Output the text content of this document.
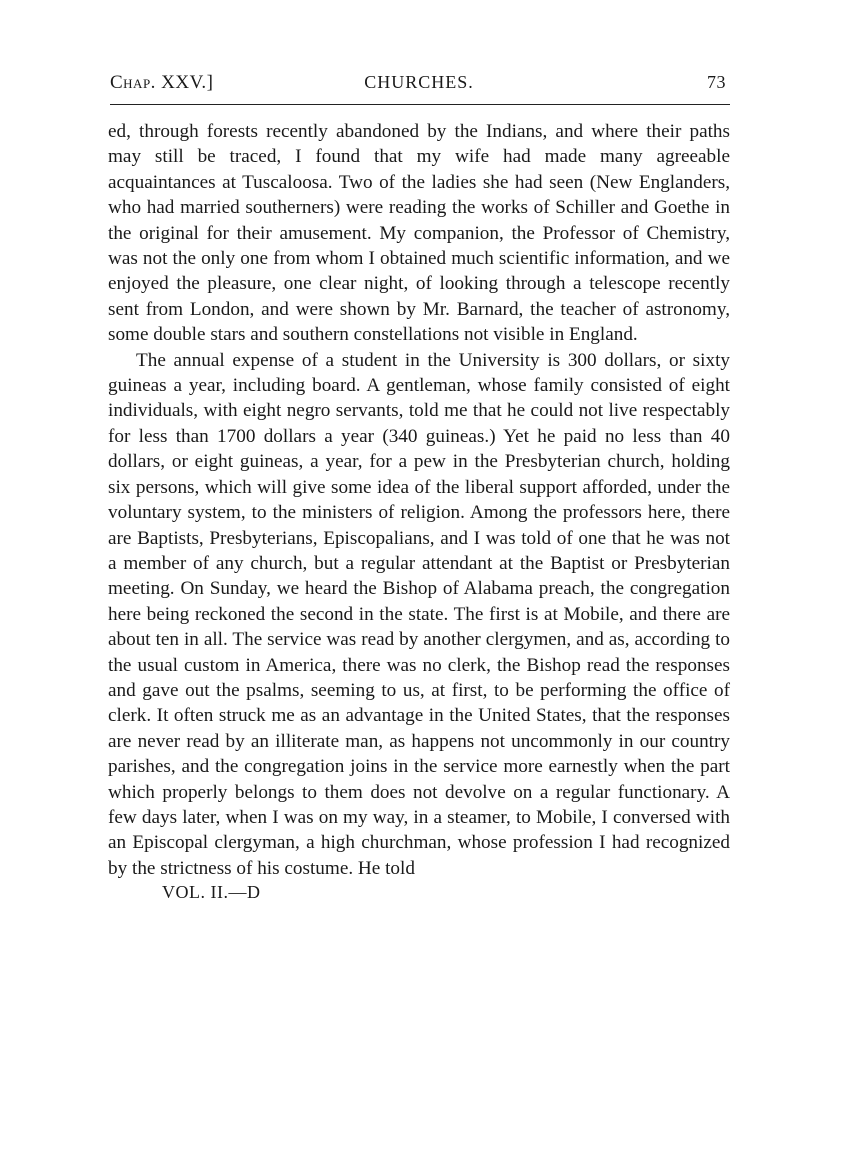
Chap. XXV.]	CHURCHES.	73

ed, through forests recently abandoned by the Indians, and where their paths may still be traced, I found that my wife had made many agreeable acquaintances at Tuscaloosa. Two of the ladies she had seen (New Englanders, who had married southerners) were reading the works of Schiller and Goethe in the original for their amusement. My companion, the Professor of Chemistry, was not the only one from whom I obtained much scientific information, and we enjoyed the pleasure, one clear night, of looking through a telescope recently sent from London, and were shown by Mr. Barnard, the teacher of astronomy, some double stars and southern constellations not visible in England.

The annual expense of a student in the University is 300 dollars, or sixty guineas a year, including board. A gentleman, whose family consisted of eight individuals, with eight negro servants, told me that he could not live respectably for less than 1700 dollars a year (340 guineas.) Yet he paid no less than 40 dollars, or eight guineas, a year, for a pew in the Presbyterian church, holding six persons, which will give some idea of the liberal support afforded, under the voluntary system, to the ministers of religion. Among the professors here, there are Baptists, Presbyterians, Episcopalians, and I was told of one that he was not a member of any church, but a regular attendant at the Baptist or Presbyterian meeting. On Sunday, we heard the Bishop of Alabama preach, the congregation here being reckoned the second in the state. The first is at Mobile, and there are about ten in all. The service was read by another clergymen, and as, according to the usual custom in America, there was no clerk, the Bishop read the responses and gave out the psalms, seeming to us, at first, to be performing the office of clerk. It often struck me as an advantage in the United States, that the responses are never read by an illiterate man, as happens not uncommonly in our country parishes, and the congregation joins in the service more earnestly when the part which properly belongs to them does not devolve on a regular functionary. A few days later, when I was on my way, in a steamer, to Mobile, I conversed with an Episcopal clergyman, a high churchman, whose profession I had recognized by the strictness of his costume. He told

VOL. II.—D
